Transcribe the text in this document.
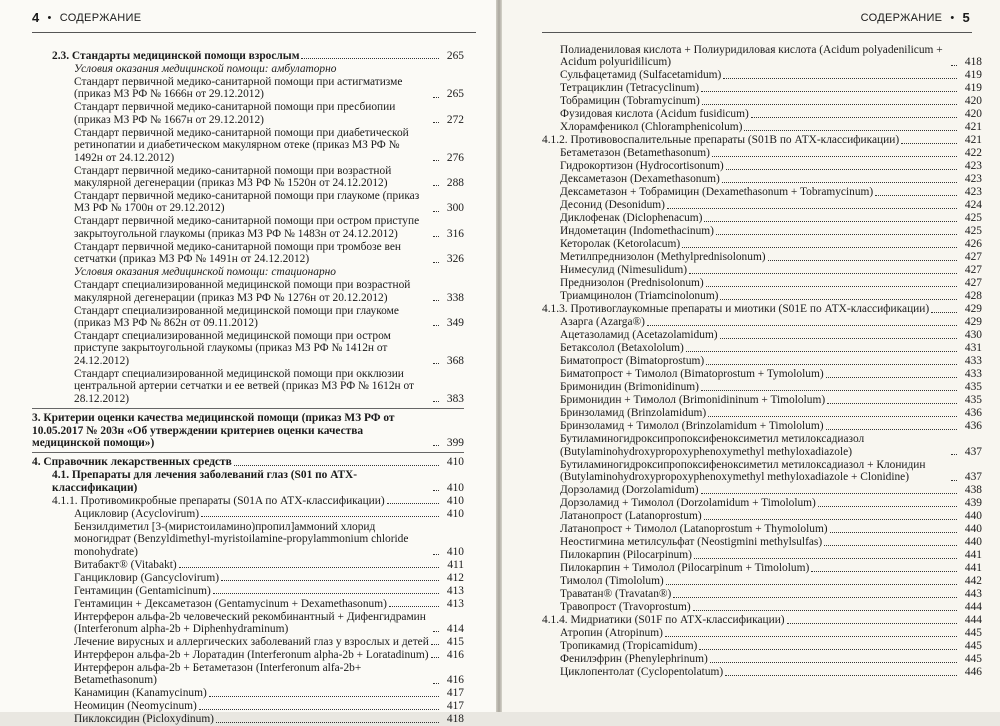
4 • СОДЕРЖАНИЕ
2.3. Стандарты медицинской помощи взрослым	265
Условия оказания медицинской помощи: амбулаторно
Стандарт первичной медико-санитарной помощи при астигматизме (приказ МЗ РФ № 1666н от 29.12.2012)	265
Стандарт первичной медико-санитарной помощи при пресбиопии (приказ МЗ РФ № 1667н от 29.12.2012)	272
Стандарт первичной медико-санитарной помощи при диабетической ретинопатии и диабетическом макулярном отеке (приказ МЗ РФ № 1492н от 24.12.2012)	276
Стандарт первичной медико-санитарной помощи при возрастной макулярной дегенерации (приказ МЗ РФ № 1520н от 24.12.2012)	288
Стандарт первичной медико-санитарной помощи при глаукоме (приказ МЗ РФ № 1700н от 29.12.2012)	300
Стандарт первичной медико-санитарной помощи при остром приступе закрытоугольной глаукомы (приказ МЗ РФ № 1483н от 24.12.2012)	316
Стандарт первичной медико-санитарной помощи при тромбозе вен сетчатки (приказ МЗ РФ № 1491н от 24.12.2012)	326
Условия оказания медицинской помощи: стационарно
Стандарт специализированной медицинской помощи при возрастной макулярной дегенерации (приказ МЗ РФ № 1276н от 20.12.2012)	338
Стандарт специализированной медицинской помощи при глаукоме (приказ МЗ РФ № 862н от 09.11.2012)	349
Стандарт специализированной медицинской помощи при остром приступе закрытоугольной глаукомы (приказ МЗ РФ № 1412н от 24.12.2012)	368
Стандарт специализированной медицинской помощи при окклюзии центральной артерии сетчатки и ее ветвей (приказ МЗ РФ № 1612н от 28.12.2012)	383
3. Критерии оценки качества медицинской помощи (приказ МЗ РФ от 10.05.2017 № 203н «Об утверждении критериев оценки качества медицинской помощи»)	399
4. Справочник лекарственных средств	410
4.1. Препараты для лечения заболеваний глаз (S01 по АТХ-классификации)	410
4.1.1. Противомикробные препараты (S01A по АТХ-классификации)	410
Ацикловир (Acyclovirum)	410
Бензилдиметил [3-(миристоиламино)пропил]аммоний хлорид моногидрат (Benzyldimethyl-myristoilamine-propylammonium chloride monohydrate)	410
Витабакт® (Vitabakt)	411
Ганцикловир (Gancyclovirum)	412
Гентамицин (Gentamicinum)	413
Гентамицин + Дексаметазон (Gentamycinum + Dexamethasonum)	413
Интерферон альфа-2b человеческий рекомбинантный + Дифенгидрамин (Interferonum alpha-2b + Diphenhydraminum)	414
Лечение вирусных и аллергических заболеваний глаз у взрослых и детей	415
Интерферон альфа-2b + Лоратадин (Interferonum alpha-2b + Loratadinum)	416
Интерферон альфа-2b + Бетаметазон (Interferonum alfa-2b+ Betamethasonum)	416
Канамицин (Kanamycinum)	417
Неомицин (Neomycinum)	417
Пиклоксидин (Picloxydinum)	418
СОДЕРЖАНИЕ • 5
Полиадениловая кислота + Полиуридиловая кислота (Acidum polyadenilicum + Acidum polyuridilicum)	418
Сульфацетамид (Sulfacetamidum)	419
Тетрациклин (Tetracyclinum)	419
Тобрамицин (Tobramycinum)	420
Фузидовая кислота (Acidum fusidicum)	420
Хлорамфеникол (Chloramphenicolum)	421
4.1.2. Противовоспалительные препараты (S01B по АТХ-классификации)	421
Бетаметазон (Betamethasonum)	422
Гидрокортизон (Hydrocortisonum)	423
Дексаметазон (Dexamethasonum)	423
Дексаметазон + Тобрамицин (Dexamethasonum + Tobramycinum)	423
Десонид (Desonidum)	424
Диклофенак (Diclophenacum)	425
Индометацин (Indomethacinum)	425
Кеторолак (Ketorolacum)	426
Метилпреднизолон (Methylprednisolonum)	427
Нимесулид (Nimesulidum)	427
Преднизолон (Prednisolonum)	427
Триамцинолон (Triamcinolonum)	428
4.1.3. Противоглаукомные препараты и миотики (S01E по АТХ-классификации)	429
Азарга (Azarga®)	429
Ацетазоламид (Acetazolamidum)	430
Бетаксолол (Betaxololum)	431
Биматопрост (Bimatoprostum)	433
Биматопрост + Тимолол (Bimatoprostum + Tymololum)	433
Бримонидин (Brimonidinum)	435
Бримонидин + Тимолол (Brimonidininum + Timololum)	435
Бринзоламид (Brinzolamidum)	436
Бринзоламид + Тимолол (Brinzolamidum + Timololum)	436
Бутиламиногидроксипропоксифеноксиметил метилоксадиазол (Butylaminohydroxypropoxyphenoxymethyl methyloxadiazole)	437
Бутиламиногидроксипропоксифеноксиметил метилоксадиазол + Клонидин (Butylaminohydroxypropoxyphenoxymethyl methyloxadiazole + Clonidine)	437
Дорзоламид (Dorzolamidum)	438
Дорзоламид + Тимолол (Dorzolamidum + Timololum)	439
Латанопрост (Latanoprostum)	440
Латанопрост + Тимолол (Latanoprostum + Thymololum)	440
Неостигмина метилсульфат (Neostigmini methylsulfas)	440
Пилокарпин (Pilocarpinum)	441
Пилокарпин + Тимолол (Pilocarpinum + Timololum)	441
Тимолол (Timololum)	442
Траватан® (Travatan®)	443
Травопрост (Travoprostum)	444
4.1.4. Мидриатики (S01F по АТХ-классификации)	444
Атропин (Atropinum)	445
Тропикамид (Tropicamidum)	445
Фенилэфрин (Phenylephrinum)	445
Циклопентолат (Cyclopentolatum)	446
